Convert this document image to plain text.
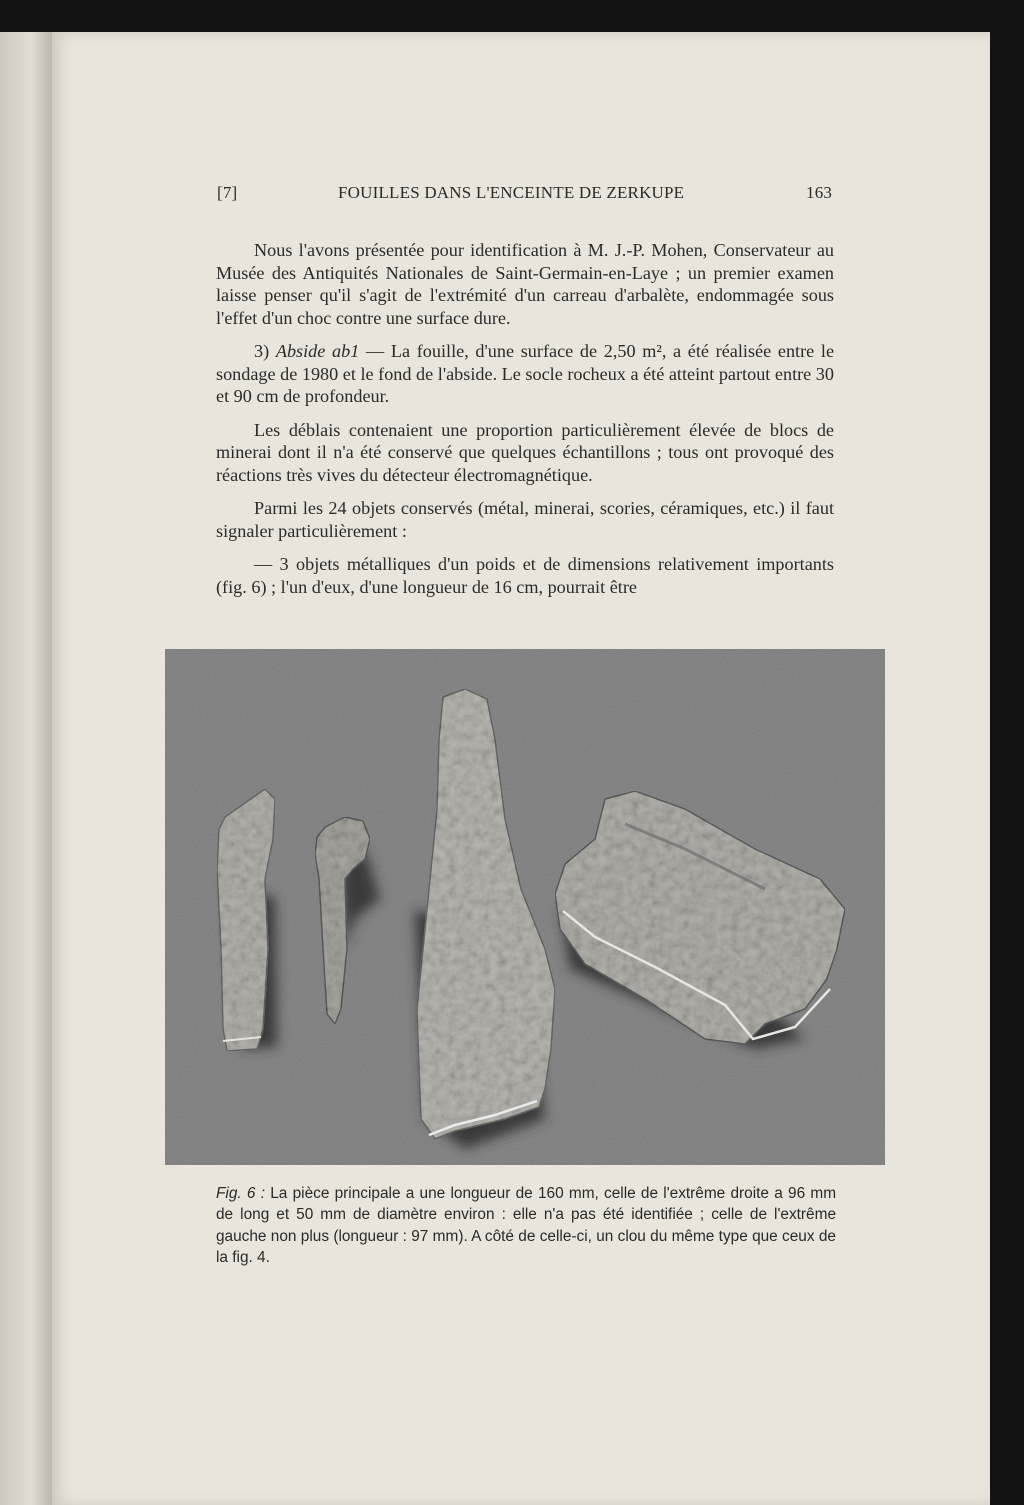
[7]	FOUILLES DANS L'ENCEINTE DE ZERKUPE	163

Nous l'avons présentée pour identification à M. J.-P. Mohen, Conservateur au Musée des Antiquités Nationales de Saint-Germain-en-Laye ; un premier examen laisse penser qu'il s'agit de l'extrémité d'un carreau d'arbalète, endommagée sous l'effet d'un choc contre une surface dure.

3) Abside ab1 — La fouille, d'une surface de 2,50 m², a été réalisée entre le sondage de 1980 et le fond de l'abside. Le socle rocheux a été atteint partout entre 30 et 90 cm de profondeur.

Les déblais contenaient une proportion particulièrement élevée de blocs de minerai dont il n'a été conservé que quelques échantillons ; tous ont provoqué des réactions très vives du détecteur électromagnétique.

Parmi les 24 objets conservés (métal, minerai, scories, céramiques, etc.) il faut signaler particulièrement :

— 3 objets métalliques d'un poids et de dimensions relativement importants (fig. 6) ; l'un d'eux, d'une longueur de 16 cm, pourrait être

Fig. 6 : La pièce principale a une longueur de 160 mm, celle de l'extrême droite a 96 mm de long et 50 mm de diamètre environ : elle n'a pas été identifiée ; celle de l'extrême gauche non plus (longueur : 97 mm). A côté de celle-ci, un clou du même type que ceux de la fig. 4.
